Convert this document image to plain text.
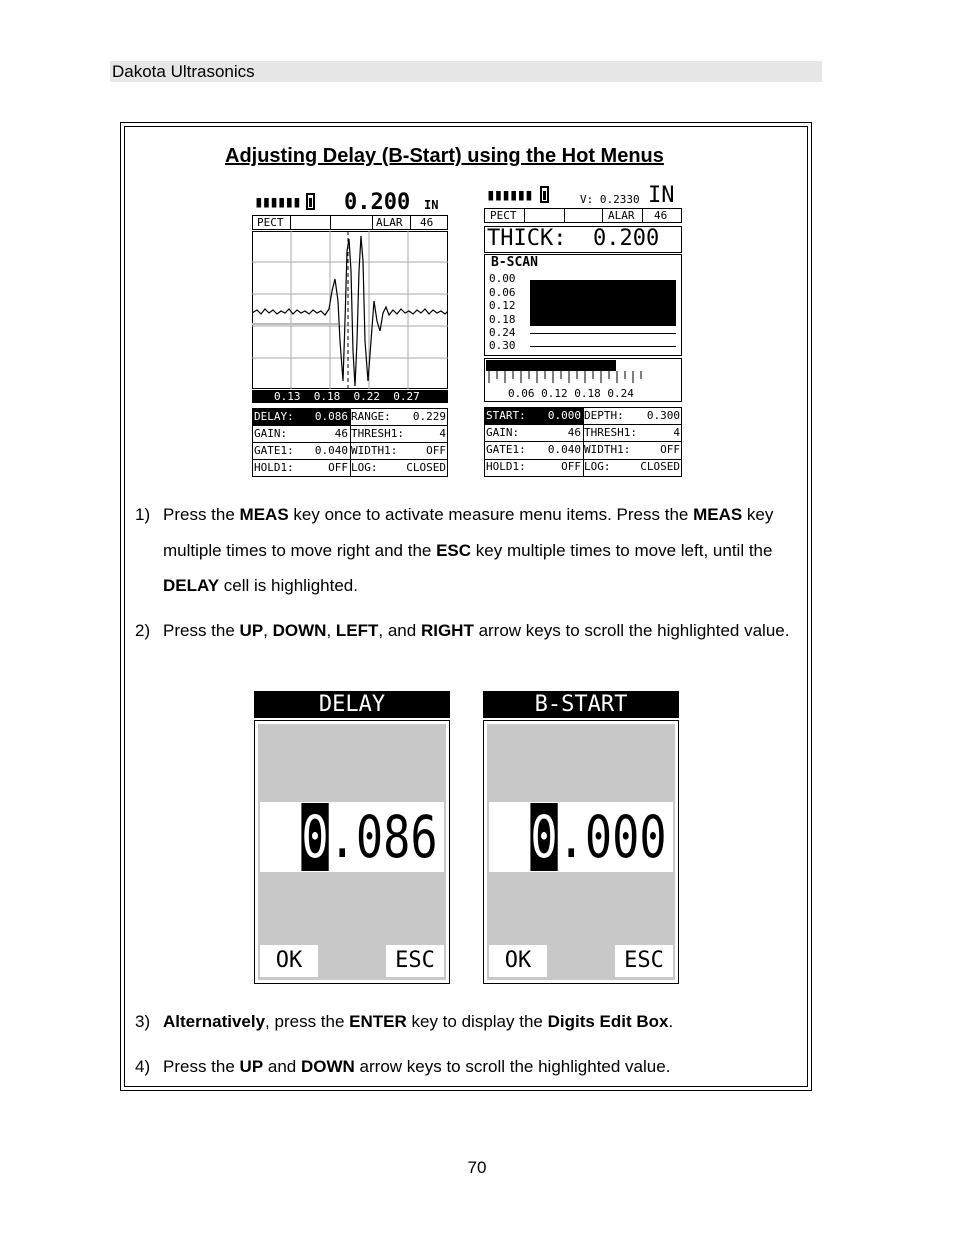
Dakota Ultrasonics
Adjusting Delay (B-Start) using the Hot Menus
▮▮▮▮▮▮ 0.200 IN
PECT	ALAR 46
0.13  0.18  0.22  0.27
DELAY:	0.086 RANGE:	0.229
GAIN:	46 THRESH1:	4
GATE1:	0.040 WIDTH1:	OFF
HOLD1:	OFF LOG:	CLOSED
▮▮▮▮▮▮	V: 0.2330 IN
PECT	ALAR 46
THICK:  0.200
B-SCAN
0.00
0.06
0.12
0.18
0.24
0.30
0.06 0.12 0.18 0.24
START:	0.000 DEPTH:	0.300
GAIN:	46 THRESH1:	4
GATE1:	0.040 WIDTH1:	OFF
HOLD1:	OFF LOG:	CLOSED
1) Press the MEAS key once to activate measure menu items. Press the MEAS key multiple times to move right and the ESC key multiple times to move left, until the DELAY cell is highlighted.
2) Press the UP, DOWN, LEFT, and RIGHT arrow keys to scroll the highlighted value.
DELAY
0.086
OK	ESC
B-START
0.000
OK	ESC
3) Alternatively, press the ENTER key to display the Digits Edit Box.
4) Press the UP and DOWN arrow keys to scroll the highlighted value.
70
